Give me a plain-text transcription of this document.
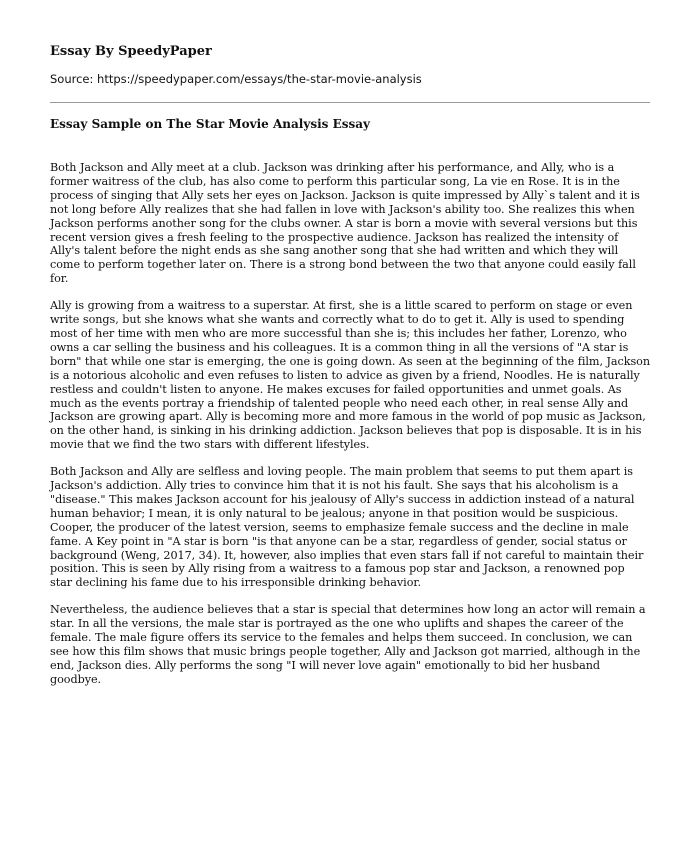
Essay By SpeedyPaper
Source: https://speedypaper.com/essays/the-star-movie-analysis
Essay Sample on The Star Movie Analysis Essay

Both Jackson and Ally meet at a club. Jackson was drinking after his performance, and Ally, who is a former waitress of the club, has also come to perform this particular song, La vie en Rose. It is in the process of singing that Ally sets her eyes on Jackson. Jackson is quite impressed by Ally`s talent and it is not long before Ally realizes that she had fallen in love with Jackson's ability too. She realizes this when Jackson performs another song for the clubs owner. A star is born a movie with several versions but this recent version gives a fresh feeling to the prospective audience. Jackson has realized the intensity of Ally's talent before the night ends as she sang another song that she had written and which they will come to perform together later on. There is a strong bond between the two that anyone could easily fall for.

Ally is growing from a waitress to a superstar. At first, she is a little scared to perform on stage or even write songs, but she knows what she wants and correctly what to do to get it. Ally is used to spending most of her time with men who are more successful than she is; this includes her father, Lorenzo, who owns a car selling the business and his colleagues. It is a common thing in all the versions of "A star is born" that while one star is emerging, the one is going down. As seen at the beginning of the film, Jackson is a notorious alcoholic and even refuses to listen to advice as given by a friend, Noodles. He is naturally restless and couldn't listen to anyone. He makes excuses for failed opportunities and unmet goals. As much as the events portray a friendship of talented people who need each other, in real sense Ally and Jackson are growing apart. Ally is becoming more and more famous in the world of pop music as Jackson, on the other hand, is sinking in his drinking addiction. Jackson believes that pop is disposable. It is in his movie that we find the two stars with different lifestyles.

Both Jackson and Ally are selfless and loving people. The main problem that seems to put them apart is Jackson's addiction. Ally tries to convince him that it is not his fault. She says that his alcoholism is a "disease." This makes Jackson account for his jealousy of Ally's success in addiction instead of a natural human behavior; I mean, it is only natural to be jealous; anyone in that position would be suspicious. Cooper, the producer of the latest version, seems to emphasize female success and the decline in male fame. A Key point in "A star is born "is that anyone can be a star, regardless of gender, social status or background (Weng, 2017, 34). It, however, also implies that even stars fall if not careful to maintain their position. This is seen by Ally rising from a waitress to a famous pop star and Jackson, a renowned pop star declining his fame due to his irresponsible drinking behavior.

Nevertheless, the audience believes that a star is special that determines how long an actor will remain a star. In all the versions, the male star is portrayed as the one who uplifts and shapes the career of the female. The male figure offers its service to the females and helps them succeed. In conclusion, we can see how this film shows that music brings people together, Ally and Jackson got married, although in the end, Jackson dies. Ally performs the song "I will never love again" emotionally to bid her husband goodbye.
